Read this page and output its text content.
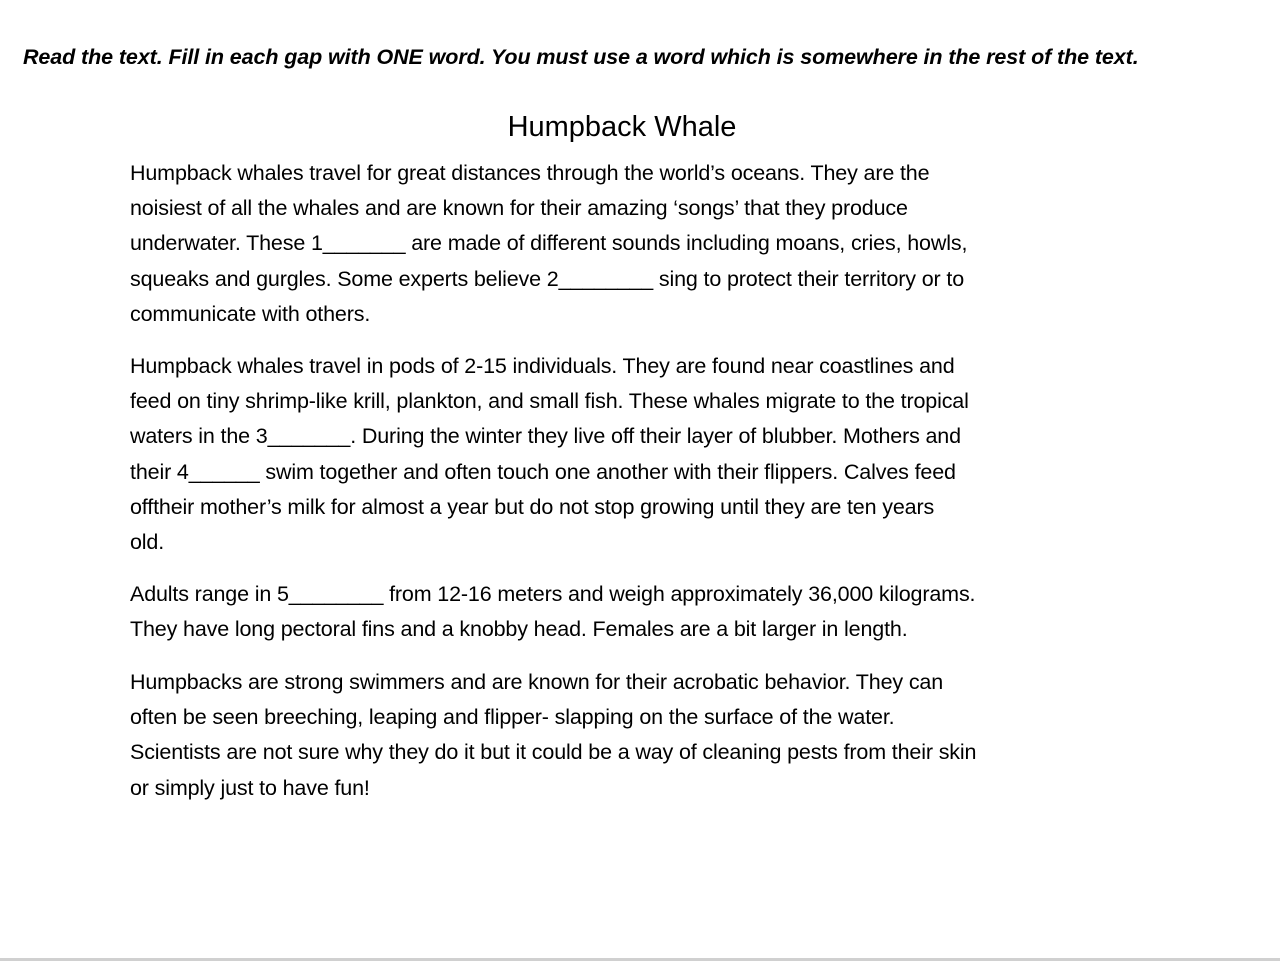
Read the text. Fill in each gap with ONE word. You must use a word which is somewhere in the rest of the text.
Humpback Whale
Humpback whales travel for great distances through the world’s oceans. They are the
noisiest of all the whales and are known for their amazing ‘songs’ that they produce
underwater. These 1_______ are made of different sounds including moans, cries, howls,
squeaks and gurgles. Some experts believe 2________ sing to protect their territory or to
communicate with others.
Humpback whales travel in pods of 2-15 individuals. They are found near coastlines and
feed on tiny shrimp-like krill, plankton, and small fish. These whales migrate to the tropical
waters in the 3_______. During the winter they live off their layer of blubber. Mothers and
their 4______ swim together and often touch one another with their flippers. Calves feed
offtheir mother’s milk for almost a year but do not stop growing until they are ten years
old.
Adults range in 5________ from 12-16 meters and weigh approximately 36,000 kilograms.
They have long pectoral fins and a knobby head. Females are a bit larger in length.
Humpbacks are strong swimmers and are known for their acrobatic behavior. They can
often be seen breeching, leaping and flipper- slapping on the surface of the water.
Scientists are not sure why they do it but it could be a way of cleaning pests from their skin
or simply just to have fun!
